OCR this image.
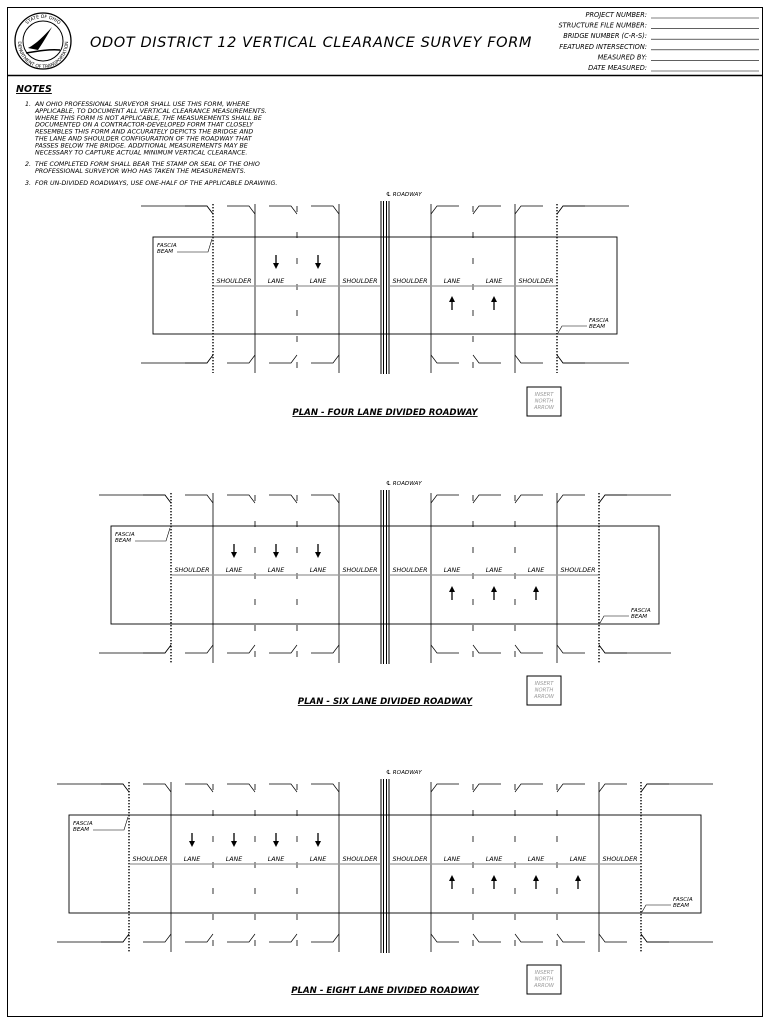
STATE OF OHIO
DEPARTMENT OF TRANSPORTATION ODOT DISTRICT 12 VERTICAL CLEARANCE SURVEY FORM
PROJECT NUMBER:
STRUCTURE FILE NUMBER:
BRIDGE NUMBER (C-R-S):
FEATURED INTERSECTION:
MEASURED BY:
DATE MEASURED:
NOTES
1. AN OHIO PROFESSIONAL SURVEYOR SHALL USE THIS FORM, WHERE
APPLICABLE, TO DOCUMENT ALL VERTICAL CLEARANCE MEASUREMENTS.
WHERE THIS FORM IS NOT APPLICABLE, THE MEASUREMENTS SHALL BE
DOCUMENTED ON A CONTRACTOR-DEVELOPED FORM THAT CLOSELY
RESEMBLES THIS FORM AND ACCURATELY DEPICTS THE BRIDGE AND
THE LANE AND SHOULDER CONFIGURATION OF THE ROADWAY THAT
PASSES BELOW THE BRIDGE. ADDITIONAL MEASUREMENTS MAY BE
NECESSARY TO CAPTURE ACTUAL MINIMUM VERTICAL CLEARANCE.
2. THE COMPLETED FORM SHALL BEAR THE STAMP OR SEAL OF THE OHIO
PROFESSIONAL SURVEYOR WHO HAS TAKEN THE MEASUREMENTS.
3. FOR UN-DIVIDED ROADWAYS, USE ONE-HALF OF THE APPLICABLE DRAWING.
℄ ROADWAY
SHOULDER	LANE	LANE	SHOULDER SHOULDER	LANE	LANE	SHOULDER
FASCIA
BEAM
FASCIA
BEAM
PLAN - FOUR LANE DIVIDED ROADWAY
INSERT
NORTH
ARROW
℄ ROADWAY
SHOULDER	LANE	LANE	LANE	SHOULDER SHOULDER	LANE	LANE	LANE	SHOULDER
FASCIA
BEAM
FASCIA
BEAM
PLAN - SIX LANE DIVIDED ROADWAY
INSERT
NORTH
ARROW
℄ ROADWAY
SHOULDER	LANE	LANE	LANE	LANE	SHOULDER SHOULDER	LANE	LANE	LANE	LANE	SHOULDER
FASCIA
BEAM
FASCIA
BEAM
PLAN - EIGHT LANE DIVIDED ROADWAY
INSERT
NORTH
ARROW
